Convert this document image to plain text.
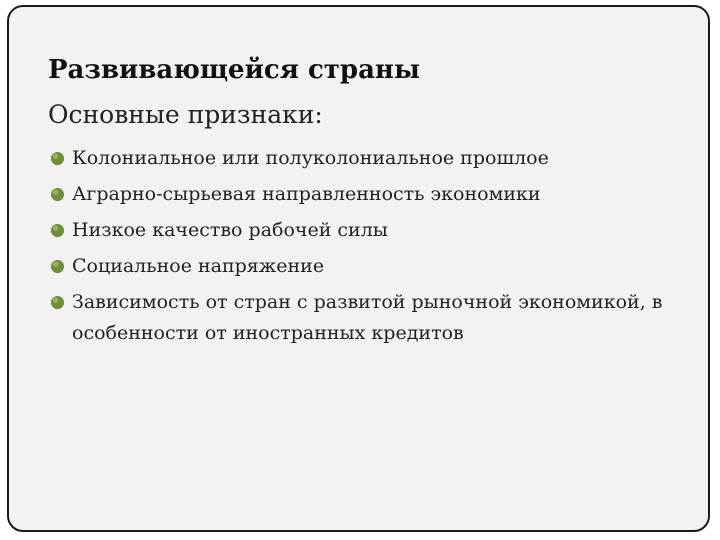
Развивающейся страны
Основные признаки:
Колониальное или полуколониальное прошлое
Аграрно-сырьевая направленность экономики
Низкое качество рабочей силы
Социальное напряжение
Зависимость от стран с развитой рыночной экономикой, в особенности от иностранных кредитов
